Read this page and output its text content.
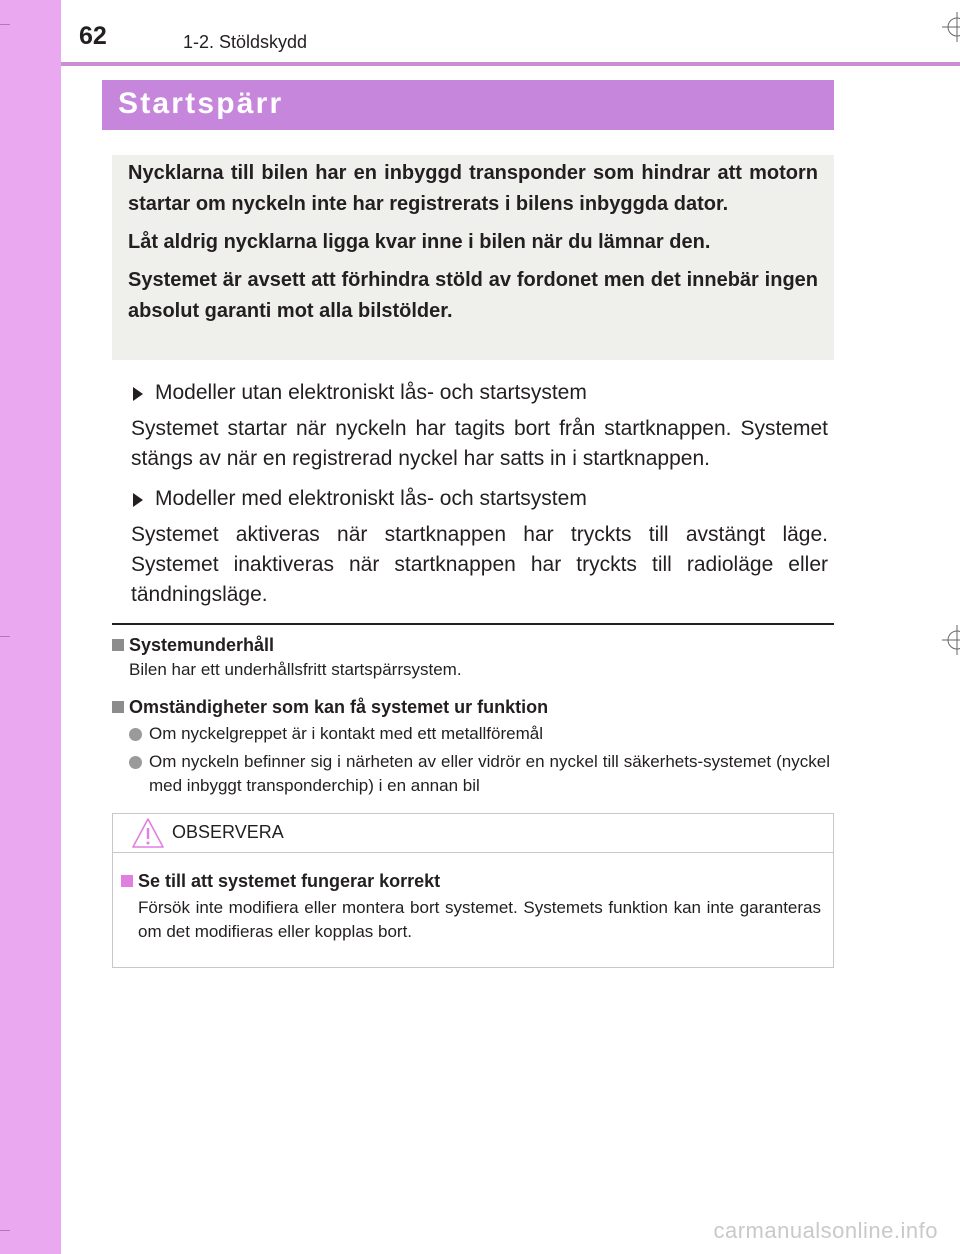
62	1-2. Stöldskydd
Startspärr

Nycklarna till bilen har en inbyggd transponder som hindrar att motorn startar om nyckeln inte har registrerats i bilens inbyggda dator.

Låt aldrig nycklarna ligga kvar inne i bilen när du lämnar den.

Systemet är avsett att förhindra stöld av fordonet men det innebär ingen absolut garanti mot alla bilstölder.

Modeller utan elektroniskt lås- och startsystem

Systemet startar när nyckeln har tagits bort från startknappen. Systemet stängs av när en registrerad nyckel har satts in i startknappen.

Modeller med elektroniskt lås- och startsystem

Systemet aktiveras när startknappen har tryckts till avstängt läge. Systemet inaktiveras när startknappen har tryckts till radioläge eller tändningsläge.

Systemunderhåll

Bilen har ett underhållsfritt startspärrsystem.

Omständigheter som kan få systemet ur funktion
Om nyckelgreppet är i kontakt med ett metallföremål
Om nyckeln befinner sig i närheten av eller vidrör en nyckel till säkerhets-systemet (nyckel med inbyggt transponderchip) i en annan bil
OBSERVERA
Se till att systemet fungerar korrekt

Försök inte modifiera eller montera bort systemet. Systemets funktion kan inte garanteras om det modifieras eller kopplas bort.

carmanualsonline.info
